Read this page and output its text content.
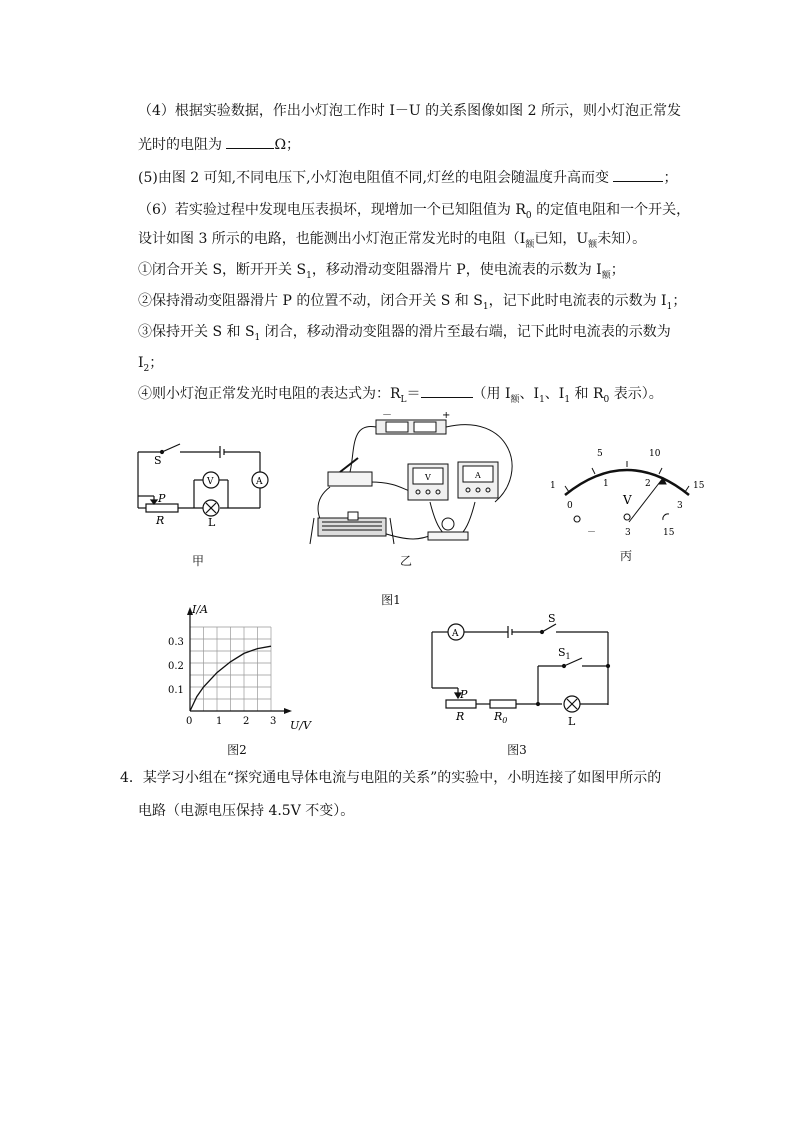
（4）根据实验数据，作出小灯泡工作时 I－U 的关系图像如图 2 所示，则小灯泡正常发
光时的电阻为	Ω；
(5)由图 2 可知,不同电压下,小灯泡电阻值不同,灯丝的电阻会随温度升高而变	；
（6）若实验过程中发现电压表损坏，现增加一个已知阻值为 $R_0$ 的定值电阻和一个开关，
设计如图 3 所示的电路，也能测出小灯泡正常发光时的电阻（$I_额$已知，$U_额$未知）。
①闭合开关 S，断开开关 $S_1$，移动滑动变阻器滑片 P，使电流表的示数为 $I_额$；
②保持滑动变阻器滑片 P 的位置不动，闭合开关 S 和 $S_1$，记下此时电流表的示数为 $I_1$；
③保持开关 S 和 $S_1$ 闭合，移动滑动变阻器的滑片至最右端，记下此时电流表的示数为
$I_2$；
④则小灯泡正常发光时电阻的表达式为：$R_L=$	（用 $I_额$、$I_1$、$I_1$ 和 $R_0$ 表示）。
S
P
R	L
V	A
甲
－	+
V	A
乙
1
5	10
15
0
1	2
3
V
－	3	15
丙
图1
I/A
U/V
0.3
0.2
0.1
0 1 2 3
图2
A
S
$S_1$
P
R	$R_0$	L
图3
4．某学习小组在“探究通电导体电流与电阻的关系”的实验中，小明连接了如图甲所示的
电路（电源电压保持 4.5V 不变）。
